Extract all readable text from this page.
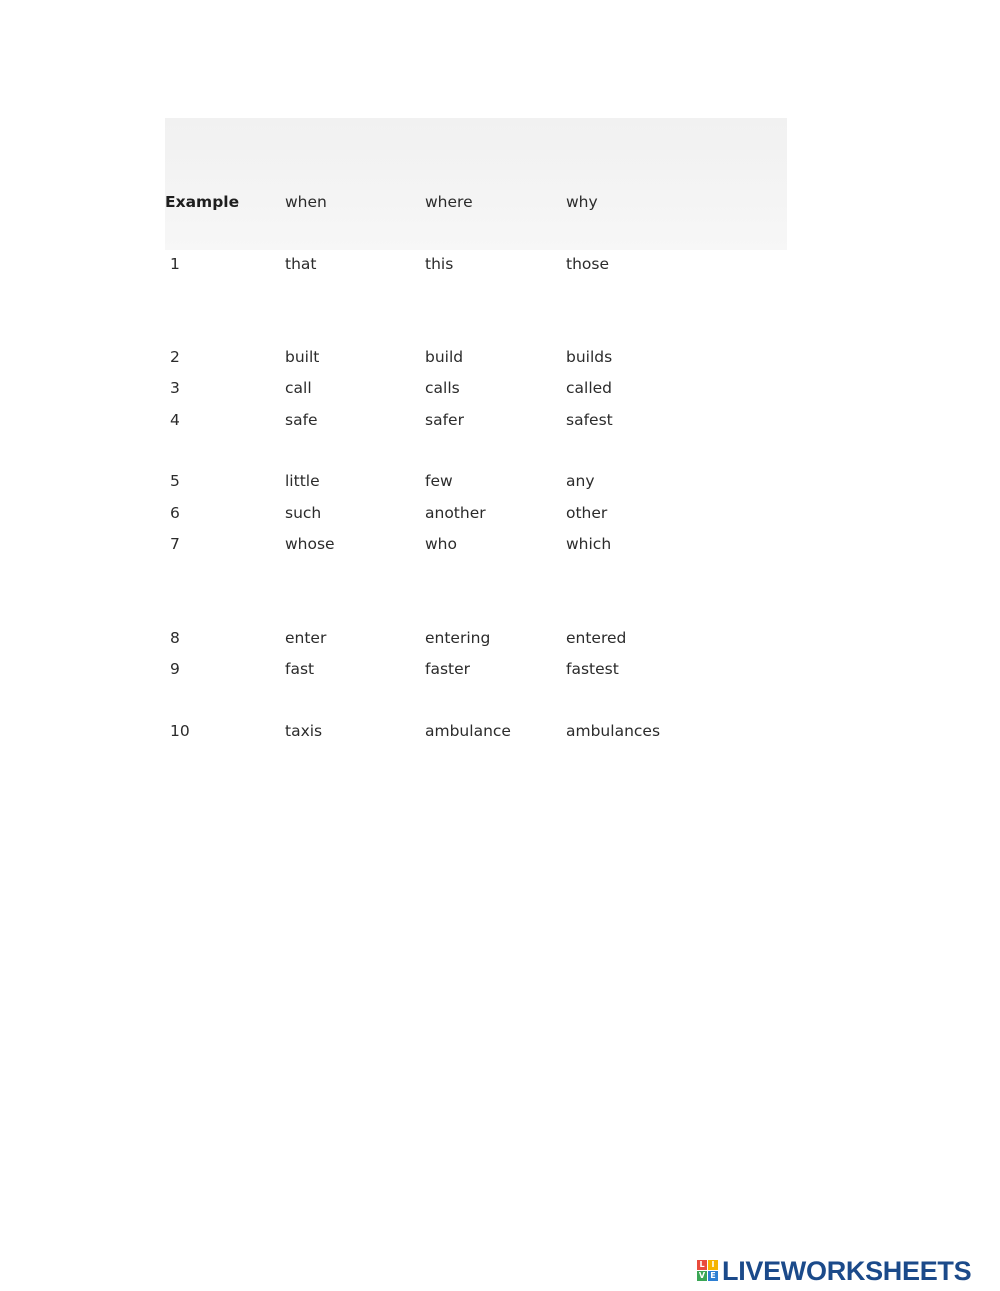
Example	when	where	why
1	that	this	those
2	built	build	builds
3	call	calls	called
4	safe	safer	safest
5	little	few	any
6	such	another	other
7	whose	who	which
8	enter	entering	entered
9	fast	faster	fastest
10	taxis	ambulance	ambulances
L I
V E LIVEWORKSHEETS
